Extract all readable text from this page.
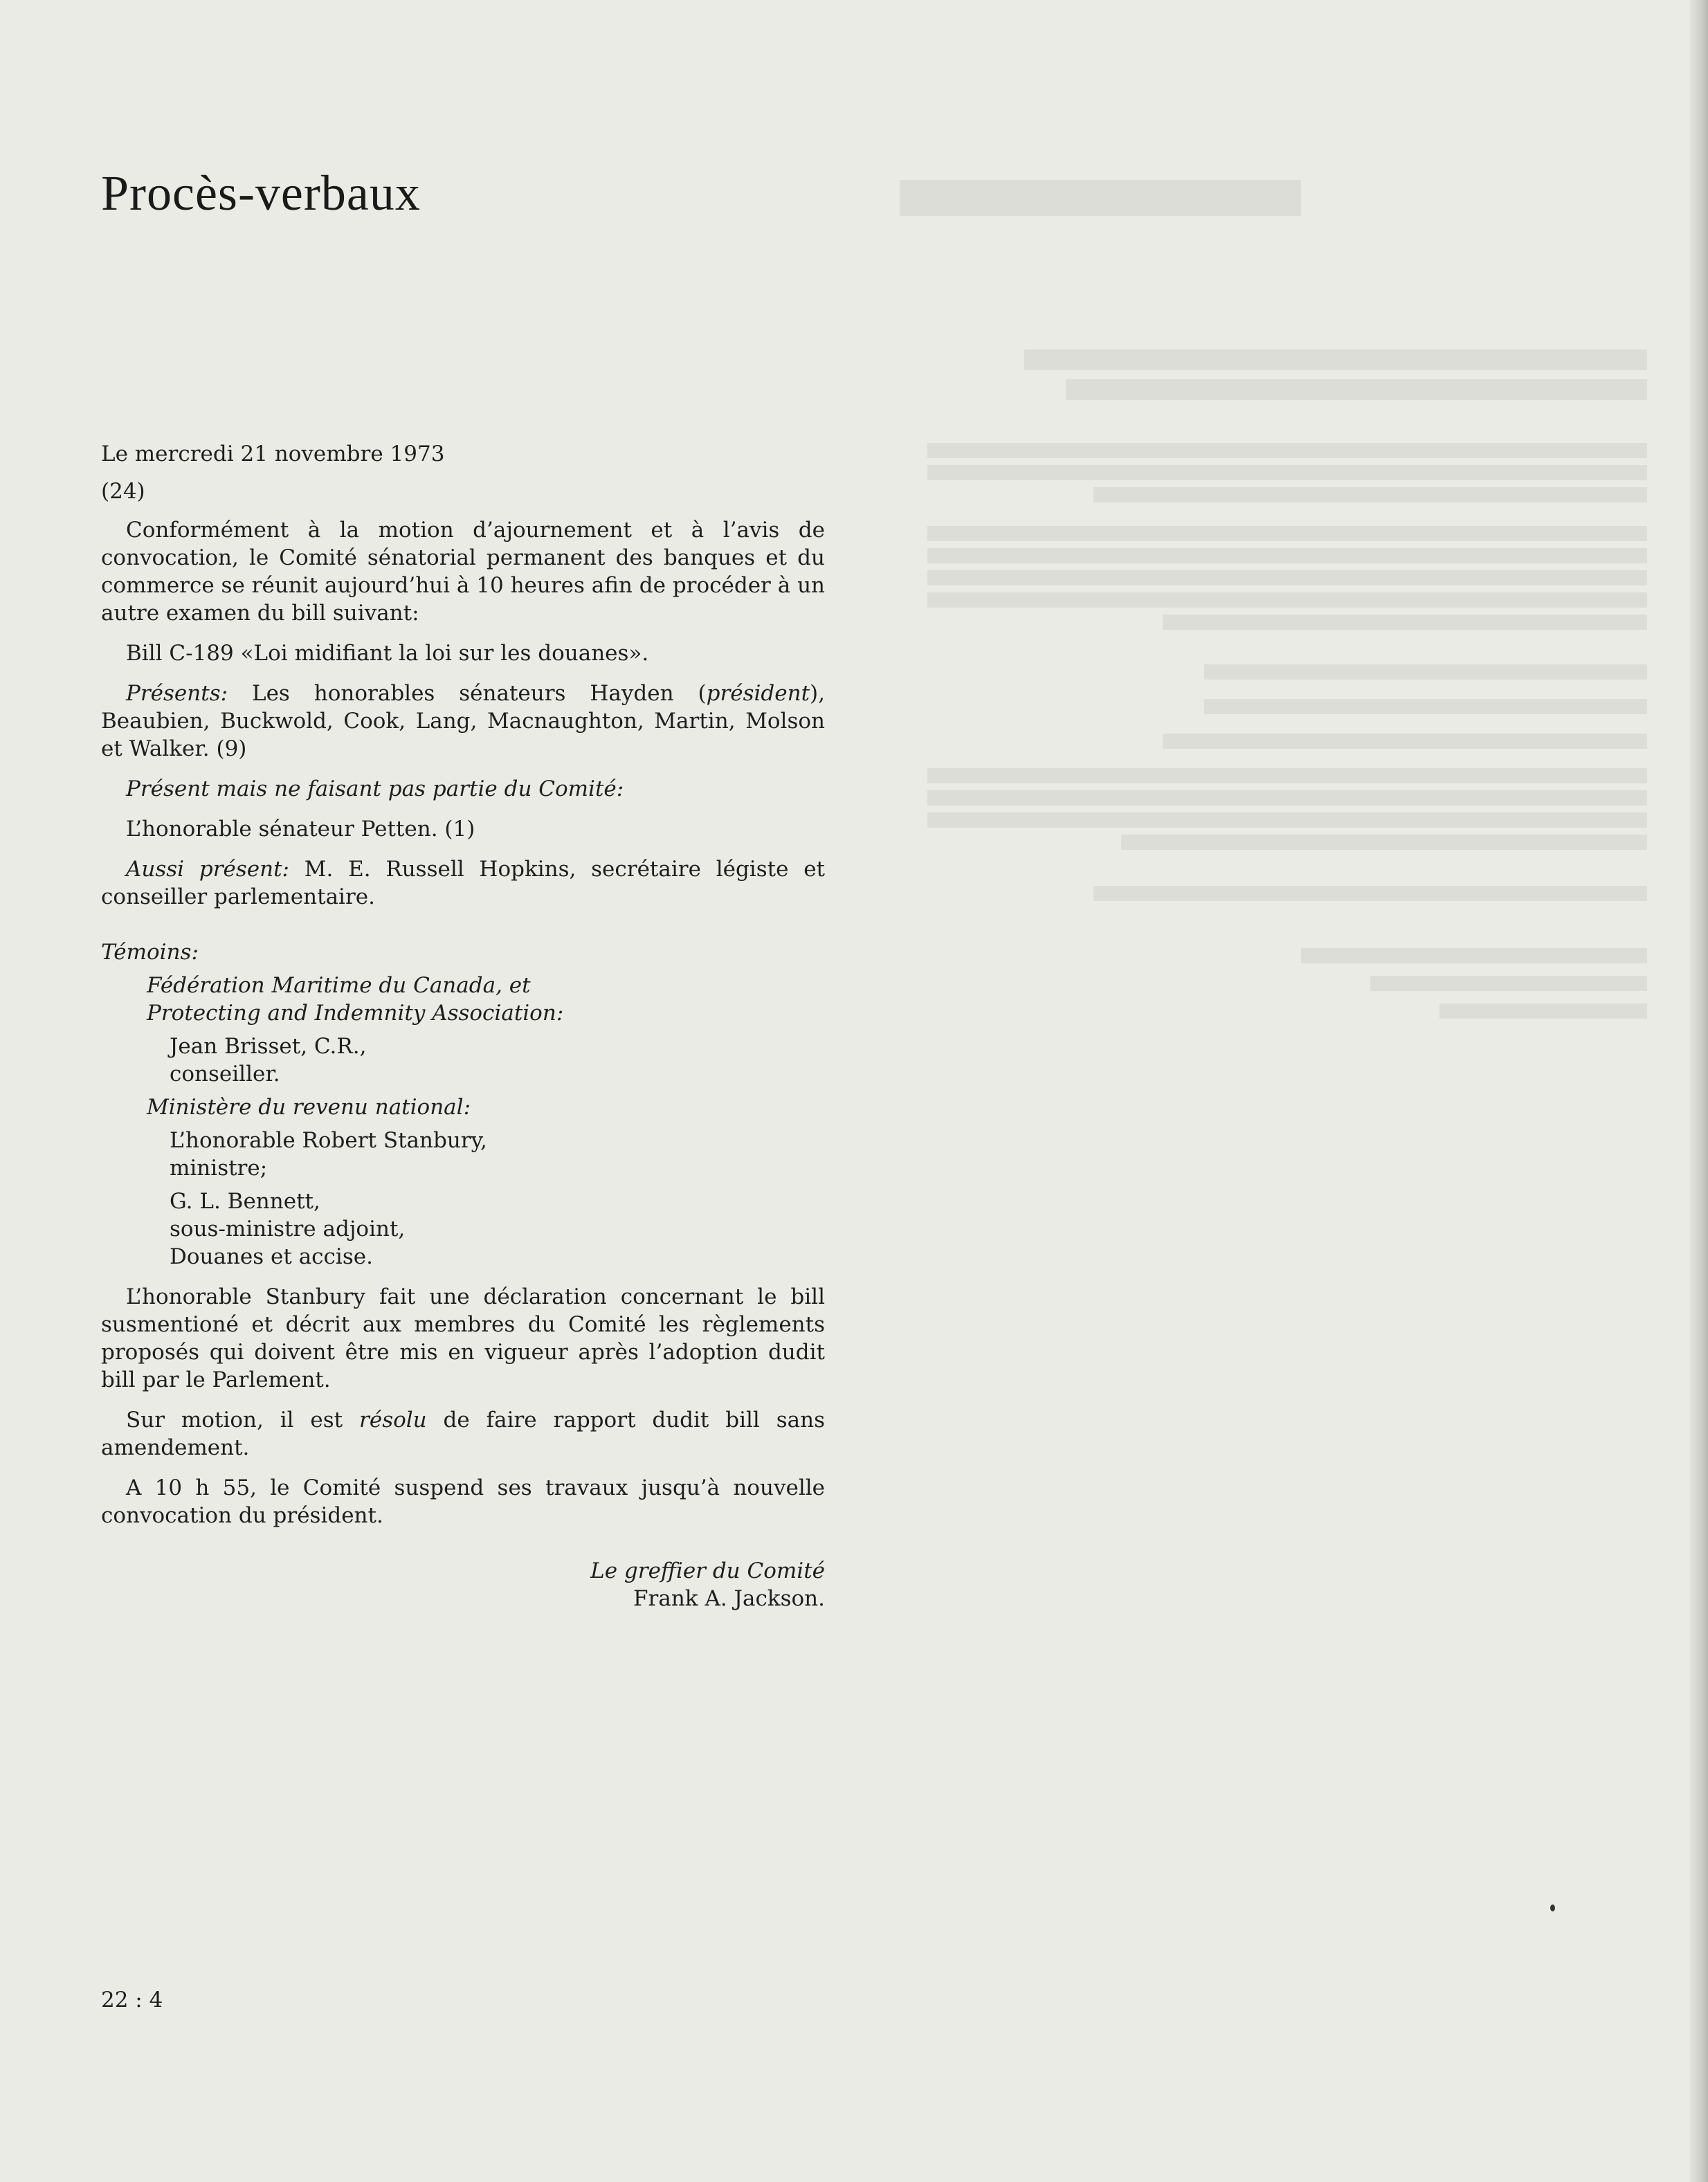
Procès-verbaux

Le mercredi 21 novembre 1973

(24)

Conformément à la motion d’ajournement et à l’avis de convocation, le Comité sénatorial permanent des banques et du commerce se réunit aujourd’hui à 10 heures afin de procéder à un autre examen du bill suivant:

Bill C-189 «Loi midifiant la loi sur les douanes».

Présents: Les honorables sénateurs Hayden (président), Beaubien, Buckwold, Cook, Lang, Macnaughton, Martin, Molson et Walker. (9)

Présent mais ne faisant pas partie du Comité:

L’honorable sénateur Petten. (1)

Aussi présent: M. E. Russell Hopkins, secrétaire légiste et conseiller parlementaire.

Témoins:

Fédération Maritime du Canada, et

Protecting and Indemnity Association:

Jean Brisset, C.R.,

conseiller.

Ministère du revenu national:

L’honorable Robert Stanbury,

ministre;

G. L. Bennett,

sous-ministre adjoint,

Douanes et accise.

L’honorable Stanbury fait une déclaration concernant le bill susmentioné et décrit aux membres du Comité les règlements proposés qui doivent être mis en vigueur après l’adoption dudit bill par le Parlement.

Sur motion, il est résolu de faire rapport dudit bill sans amendement.

A 10 h 55, le Comité suspend ses travaux jusqu’à nouvelle convocation du président.

Le greffier du Comité

Frank A. Jackson.

22 : 4
